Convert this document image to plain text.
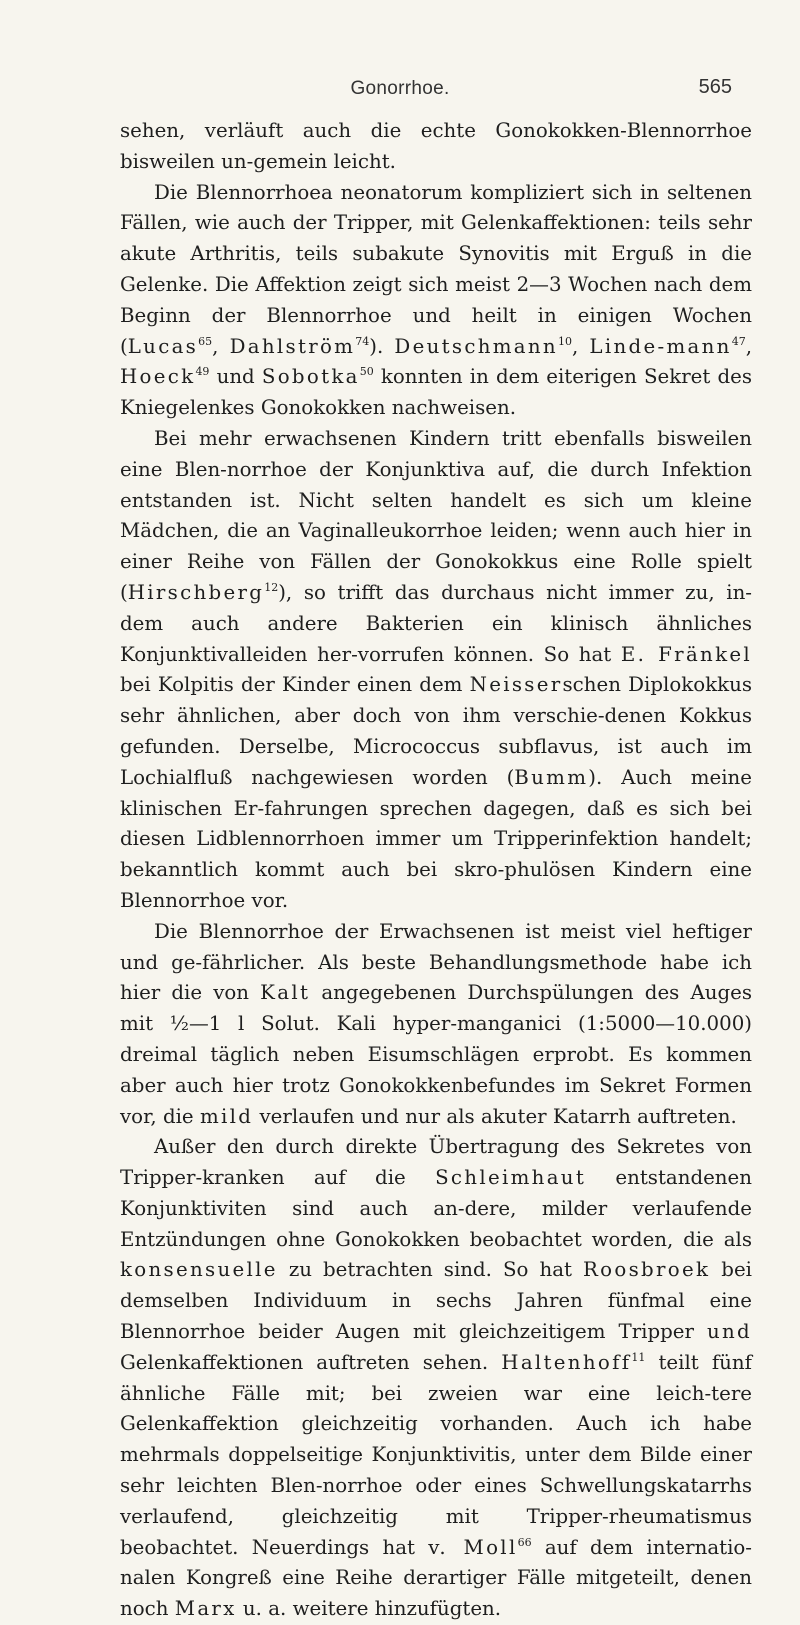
Gonorrhoe.	565

sehen, verläuft auch die echte Gonokokken-Blennorrhoe bisweilen un-gemein leicht.

Die Blennorrhoea neonatorum kompliziert sich in seltenen Fällen, wie auch der Tripper, mit Gelenkaffektionen: teils sehr akute Arthritis, teils subakute Synovitis mit Erguß in die Gelenke. Die Affektion zeigt sich meist 2—3 Wochen nach dem Beginn der Blennorrhoe und heilt in einigen Wochen (Lucas$^{65}$, Dahlström$^{74}$). Deutschmann$^{10}$, Linde-mann$^{47}$, Hoeck$^{49}$ und Sobotka$^{50}$ konnten in dem eiterigen Sekret des Kniegelenkes Gonokokken nachweisen.

Bei mehr erwachsenen Kindern tritt ebenfalls bisweilen eine Blen-norrhoe der Konjunktiva auf, die durch Infektion entstanden ist. Nicht selten handelt es sich um kleine Mädchen, die an Vaginalleukorrhoe leiden; wenn auch hier in einer Reihe von Fällen der Gonokokkus eine Rolle spielt (Hirschberg$^{12}$), so trifft das durchaus nicht immer zu, in-dem auch andere Bakterien ein klinisch ähnliches Konjunktivalleiden her-vorrufen können. So hat E. Fränkel bei Kolpitis der Kinder einen dem Neisserschen Diplokokkus sehr ähnlichen, aber doch von ihm verschie-denen Kokkus gefunden. Derselbe, Micrococcus subflavus, ist auch im Lochialfluß nachgewiesen worden (Bumm). Auch meine klinischen Er-fahrungen sprechen dagegen, daß es sich bei diesen Lidblennorrhoen immer um Tripperinfektion handelt; bekanntlich kommt auch bei skro-phulösen Kindern eine Blennorrhoe vor.

Die Blennorrhoe der Erwachsenen ist meist viel heftiger und ge-fährlicher. Als beste Behandlungsmethode habe ich hier die von Kalt angegebenen Durchspülungen des Auges mit ½—1 l Solut. Kali hyper-manganici (1:5000—10.000) dreimal täglich neben Eisumschlägen erprobt. Es kommen aber auch hier trotz Gonokokkenbefundes im Sekret Formen vor, die mild verlaufen und nur als akuter Katarrh auftreten.

Außer den durch direkte Übertragung des Sekretes von Tripper-kranken auf die Schleimhaut entstandenen Konjunktiviten sind auch an-dere, milder verlaufende Entzündungen ohne Gonokokken beobachtet worden, die als konsensuelle zu betrachten sind. So hat Roosbroek bei demselben Individuum in sechs Jahren fünfmal eine Blennorrhoe beider Augen mit gleichzeitigem Tripper und Gelenkaffektionen auftreten sehen. Haltenhoff$^{11}$ teilt fünf ähnliche Fälle mit; bei zweien war eine leich-tere Gelenkaffektion gleichzeitig vorhanden. Auch ich habe mehrmals doppelseitige Konjunktivitis, unter dem Bilde einer sehr leichten Blen-norrhoe oder eines Schwellungskatarrhs verlaufend, gleichzeitig mit Tripper-rheumatismus beobachtet. Neuerdings hat v. Moll$^{66}$ auf dem internatio-nalen Kongreß eine Reihe derartiger Fälle mitgeteilt, denen noch Marx u. a. weitere hinzufügten.
